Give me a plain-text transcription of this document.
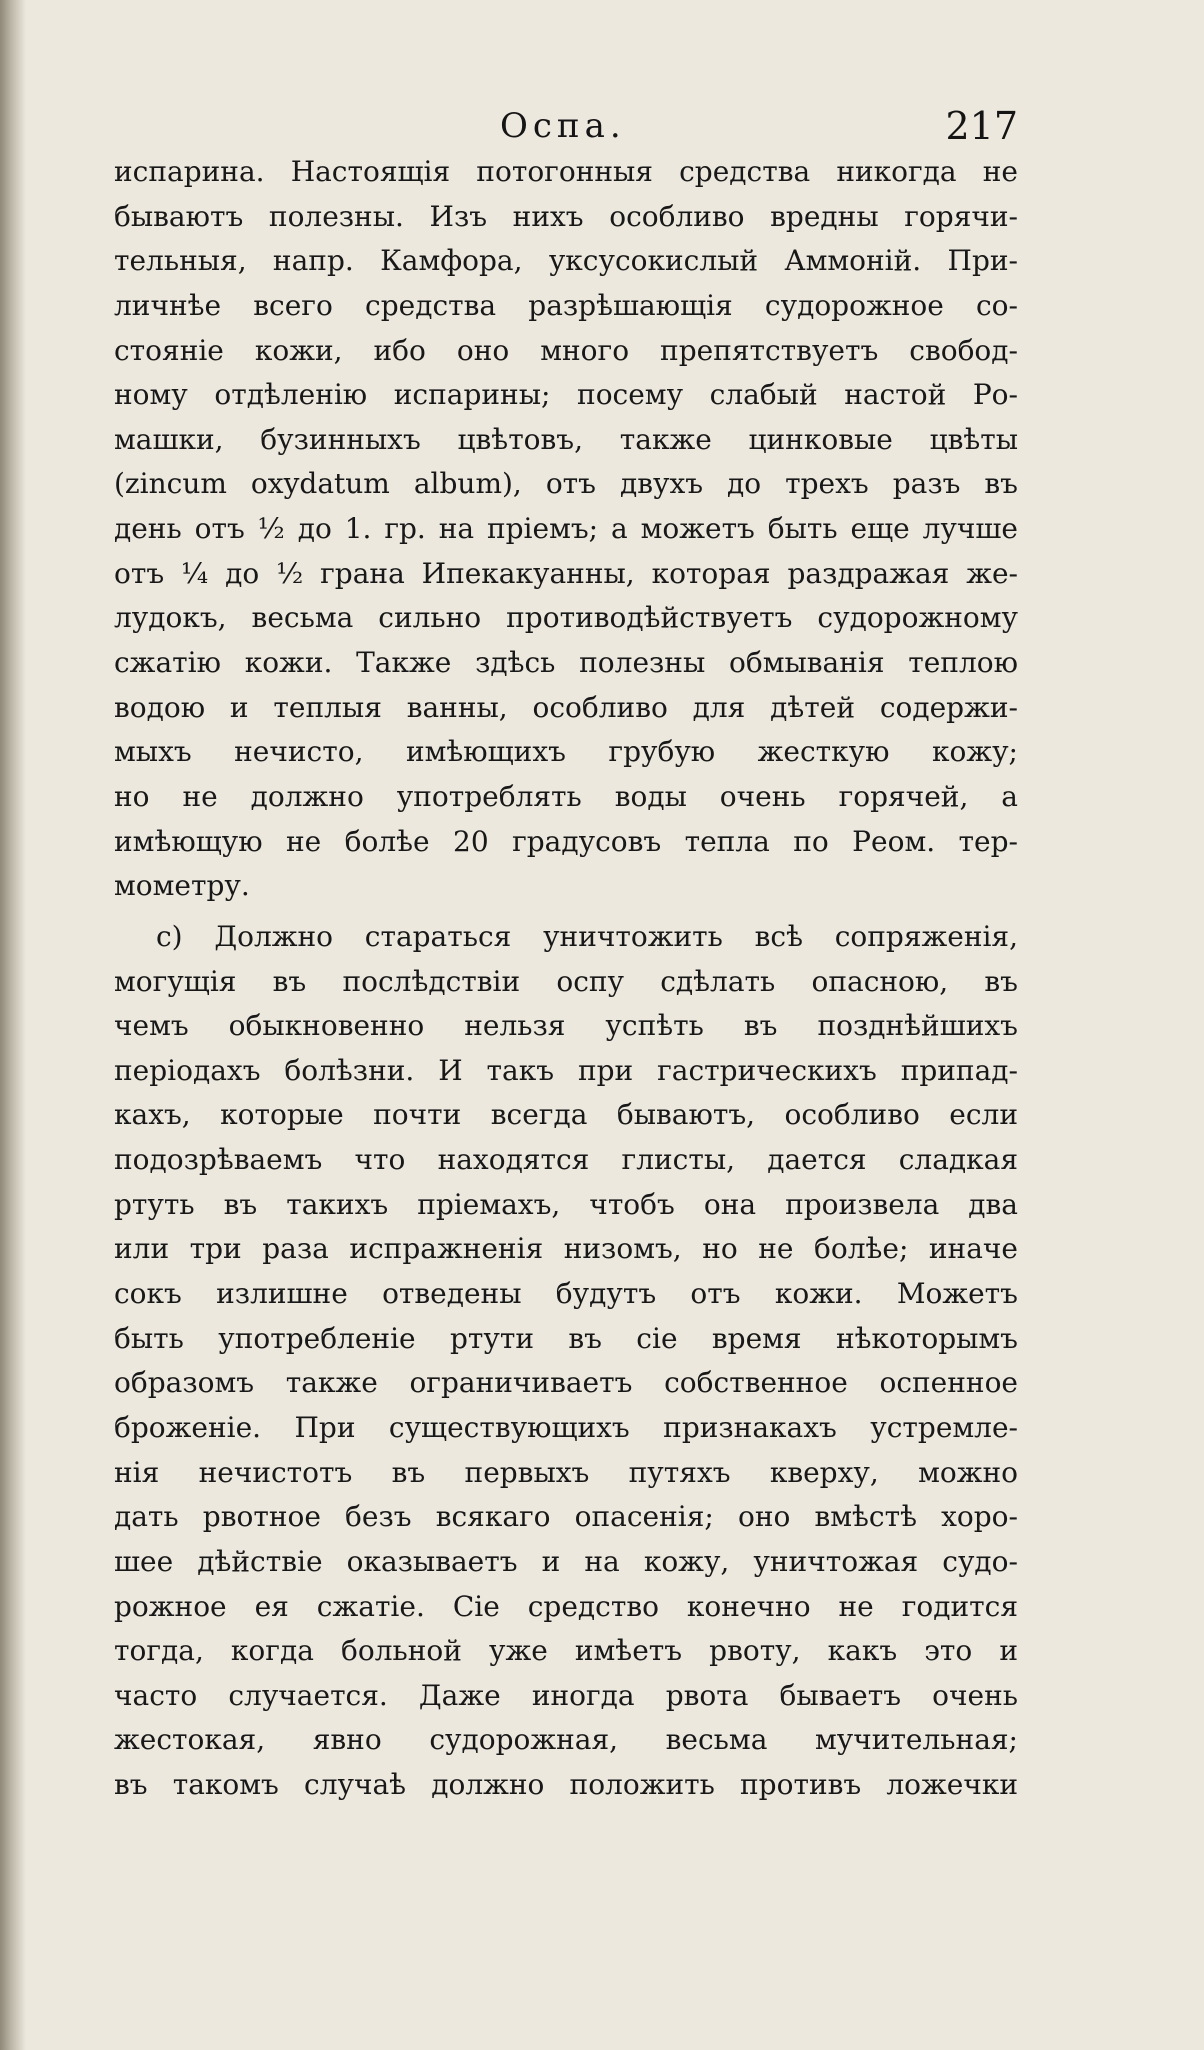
Оспа.	217
испарина. Настоящія потогонныя средства никогда не
бываютъ полезны. Изъ нихъ особливо вредны горячи-
тельныя, напр. Камфора, уксусокислый Аммоній. При-
личнѣе всего средства разрѣшающія судорожное со-
стояніе кожи, ибо оно много препятствуетъ свобод-
ному отдѣленію испарины; посему слабый настой Ро-
машки, бузинныхъ цвѣтовъ, также цинковые цвѣты
(zincum oxydatum album), отъ двухъ до трехъ разъ въ
день отъ ½ до 1. гр. на пріемъ; а можетъ быть еще лучше
отъ ¼ до ½ грана Ипекакуанны, которая раздражая же-
лудокъ, весьма сильно противодѣйствуетъ судорожному
сжатію кожи. Также здѣсь полезны обмыванія теплою
водою и теплыя ванны, особливо для дѣтей содержи-
мыхъ нечисто, имѣющихъ грубую жесткую кожу;
но не должно употреблять воды очень горячей, а
имѣющую не болѣе 20 градусовъ тепла по Реом. тер-
мометру.
c) Должно стараться уничтожить всѣ сопряженія,
могущія въ послѣдствіи оспу сдѣлать опасною, въ
чемъ обыкновенно нельзя успѣть въ позднѣйшихъ
періодахъ болѣзни. И такъ при гастрическихъ припад-
кахъ, которые почти всегда бываютъ, особливо если
подозрѣваемъ что находятся глисты, дается сладкая
ртуть въ такихъ пріемахъ, чтобъ она произвела два
или три раза испражненія низомъ, но не болѣе; иначе
сокъ излишне отведены будутъ отъ кожи. Можетъ
быть употребленіе ртути въ сіе время нѣкоторымъ
образомъ также ограничиваетъ собственное оспенное
броженіе. При существующихъ признакахъ устремле-
нія нечистотъ въ первыхъ путяхъ кверху, можно
дать рвотное безъ всякаго опасенія; оно вмѣстѣ хоро-
шее дѣйствіе оказываетъ и на кожу, уничтожая судо-
рожное ея сжатіе. Сіе средство конечно не годится
тогда, когда больной уже имѣетъ рвоту, какъ это и
часто случается. Даже иногда рвота бываетъ очень
жестокая, явно судорожная, весьма мучительная;
въ такомъ случаѣ должно положить противъ ложечки
